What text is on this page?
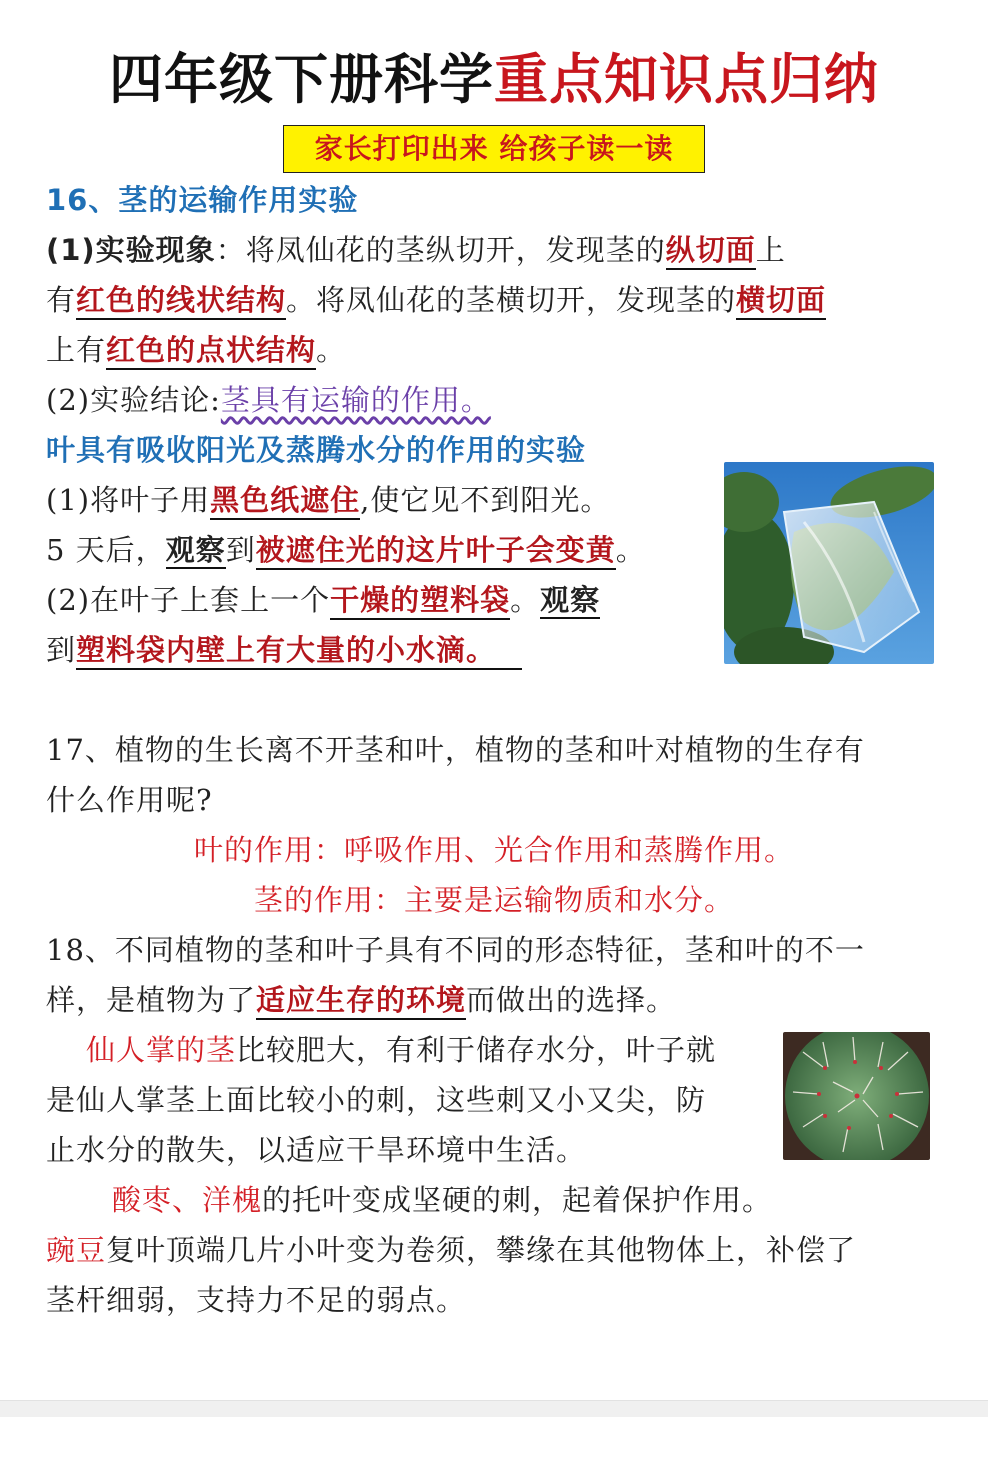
四年级下册科学重点知识点归纳
家长打印出来 给孩子读一读
16、茎的运输作用实验
(1)实验现象：将凤仙花的茎纵切开，发现茎的纵切面上
有红色的线状结构。将凤仙花的茎横切开，发现茎的横切面
上有红色的点状结构。
(2)实验结论:茎具有运输的作用。
叶具有吸收阳光及蒸腾水分的作用的实验
(1)将叶子用黑色纸遮住,使它见不到阳光。
5 天后，观察到被遮住光的这片叶子会变黄。
(2)在叶子上套上一个干燥的塑料袋。观察
到塑料袋内壁上有大量的小水滴。
17、植物的生长离不开茎和叶，植物的茎和叶对植物的生存有
什么作用呢?
叶的作用：呼吸作用、光合作用和蒸腾作用。
茎的作用：主要是运输物质和水分。
18、不同植物的茎和叶子具有不同的形态特征，茎和叶的不一
样，是植物为了适应生存的环境而做出的选择。
仙人掌的茎比较肥大，有利于储存水分，叶子就
是仙人掌茎上面比较小的刺，这些刺又小又尖，防
止水分的散失，以适应干旱环境中生活。
酸枣、洋槐的托叶变成坚硬的刺，起着保护作用。
豌豆复叶顶端几片小叶变为卷须，攀缘在其他物体上，补偿了
茎杆细弱，支持力不足的弱点。
